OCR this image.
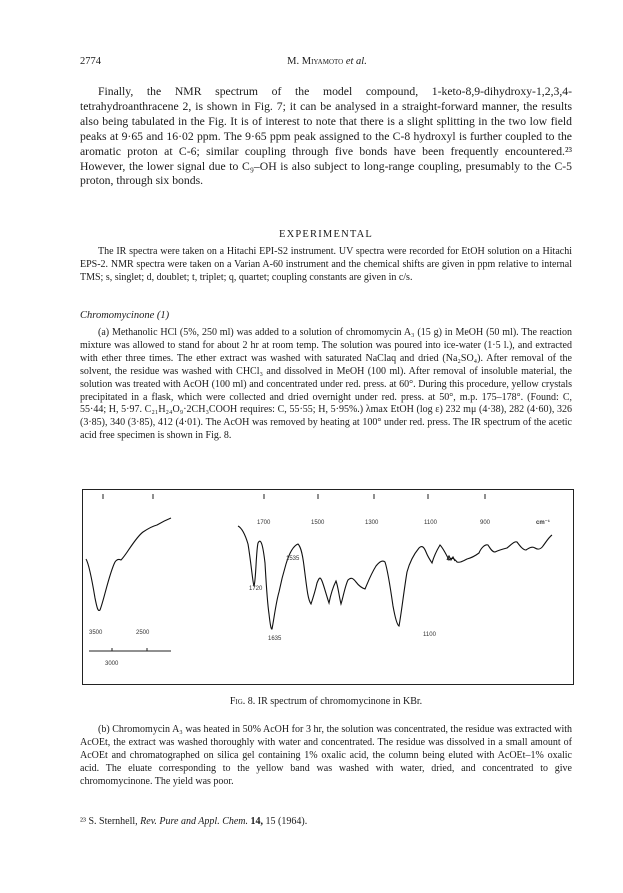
2774	M. Miyamoto et al.

Finally, the NMR spectrum of the model compound, 1-keto-8,9-dihydroxy-1,2,3,4-tetrahydroanthracene 2, is shown in Fig. 7; it can be analysed in a straight-forward manner, the results also being tabulated in the Fig. It is of interest to note that there is a slight splitting in the two low field peaks at 9·65 and 16·02 ppm. The 9·65 ppm peak assigned to the C-8 hydroxyl is further coupled to the aromatic proton at C-6; similar coupling through five bonds have been frequently encountered.²³ However, the lower signal due to C₉–OH is also subject to long-range coupling, presumably to the C-5 proton, through six bonds.

EXPERIMENTAL

The IR spectra were taken on a Hitachi EPI-S2 instrument. UV spectra were recorded for EtOH solution on a Hitachi EPS-2. NMR spectra were taken on a Varian A-60 instrument and the chemical shifts are given in ppm relative to internal TMS; s, singlet; d, doublet; t, triplet; q, quartet; coupling constants are given in c/s.

Chromomycinone (1)

(a) Methanolic HCl (5%, 250 ml) was added to a solution of chromomycin A₃ (15 g) in MeOH (50 ml). The reaction mixture was allowed to stand for about 2 hr at room temp. The solution was poured into ice-water (1·5 l.), and extracted with ether three times. The ether extract was washed with saturated NaClaq and dried (Na₂SO₄). After removal of the solvent, the residue was washed with CHCl₃ and dissolved in MeOH (100 ml). After removal of insoluble material, the solution was treated with AcOH (100 ml) and concentrated under red. press. at 60°. During this procedure, yellow crystals precipitated in a flask, which were collected and dried overnight under red. press. at 50°, m.p. 175–178°. (Found: C, 55·44; H, 5·97. C₂₁H₂₄O₉·2CH₃COOH requires: C, 55·55; H, 5·95%.) λmax EtOH (log ε) 232 mμ (4·38), 282 (4·60), 326 (3·85), 340 (3·85), 412 (4·01). The AcOH was removed by heating at 100° under red. press. The IR spectrum of the acetic acid free specimen is shown in Fig. 8.

1700	1500	1300	1100	900	cm⁻¹
1535
1720
1635
1100
3500	2500
3000

Fig. 8. IR spectrum of chromomycinone in KBr.

(b) Chromomycin A₃ was heated in 50% AcOH for 3 hr, the solution was concentrated, the residue was extracted with AcOEt, the extract was washed thoroughly with water and concentrated. The residue was dissolved in a small amount of AcOEt and chromatographed on silica gel containing 1% oxalic acid, the column being eluted with AcOEt–1% oxalic acid. The eluate corresponding to the yellow band was washed with water, dried, and concentrated to give chromomycinone. The yield was poor.

²³ S. Sternhell, Rev. Pure and Appl. Chem. 14, 15 (1964).
